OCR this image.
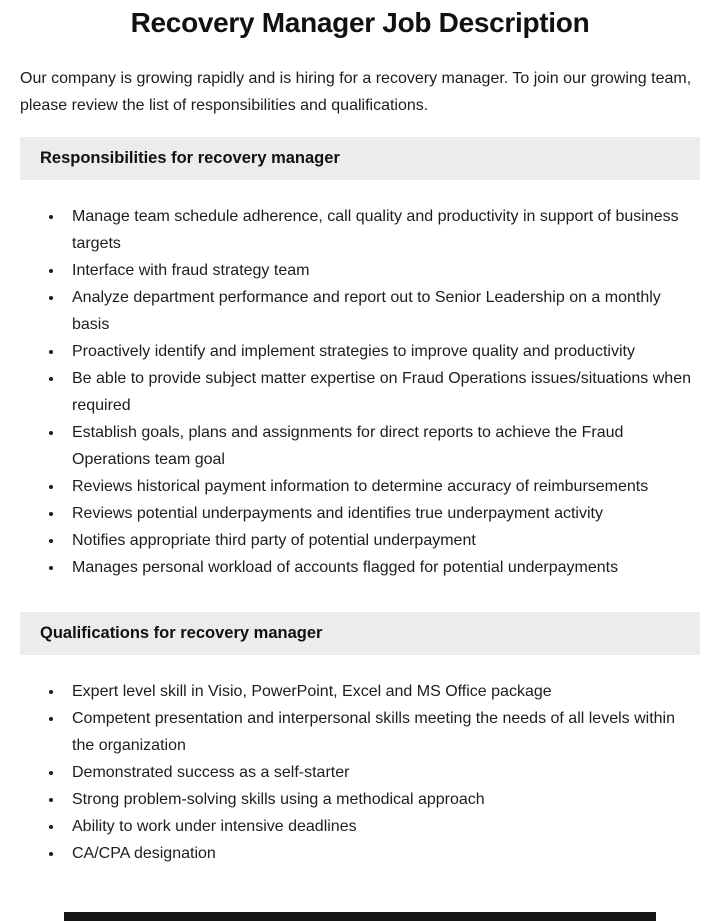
Recovery Manager Job Description

Our company is growing rapidly and is hiring for a recovery manager. To join our growing team, please review the list of responsibilities and qualifications.

Responsibilities for recovery manager
• Manage team schedule adherence, call quality and productivity in support of business targets
• Interface with fraud strategy team
• Analyze department performance and report out to Senior Leadership on a monthly basis
• Proactively identify and implement strategies to improve quality and productivity
• Be able to provide subject matter expertise on Fraud Operations issues/situations when required
• Establish goals, plans and assignments for direct reports to achieve the Fraud Operations team goal
• Reviews historical payment information to determine accuracy of reimbursements
• Reviews potential underpayments and identifies true underpayment activity
• Notifies appropriate third party of potential underpayment
• Manages personal workload of accounts flagged for potential underpayments
Qualifications for recovery manager
• Expert level skill in Visio, PowerPoint, Excel and MS Office package
• Competent presentation and interpersonal skills meeting the needs of all levels within the organization
• Demonstrated success as a self-starter
• Strong problem-solving skills using a methodical approach
• Ability to work under intensive deadlines
• CA/CPA designation
